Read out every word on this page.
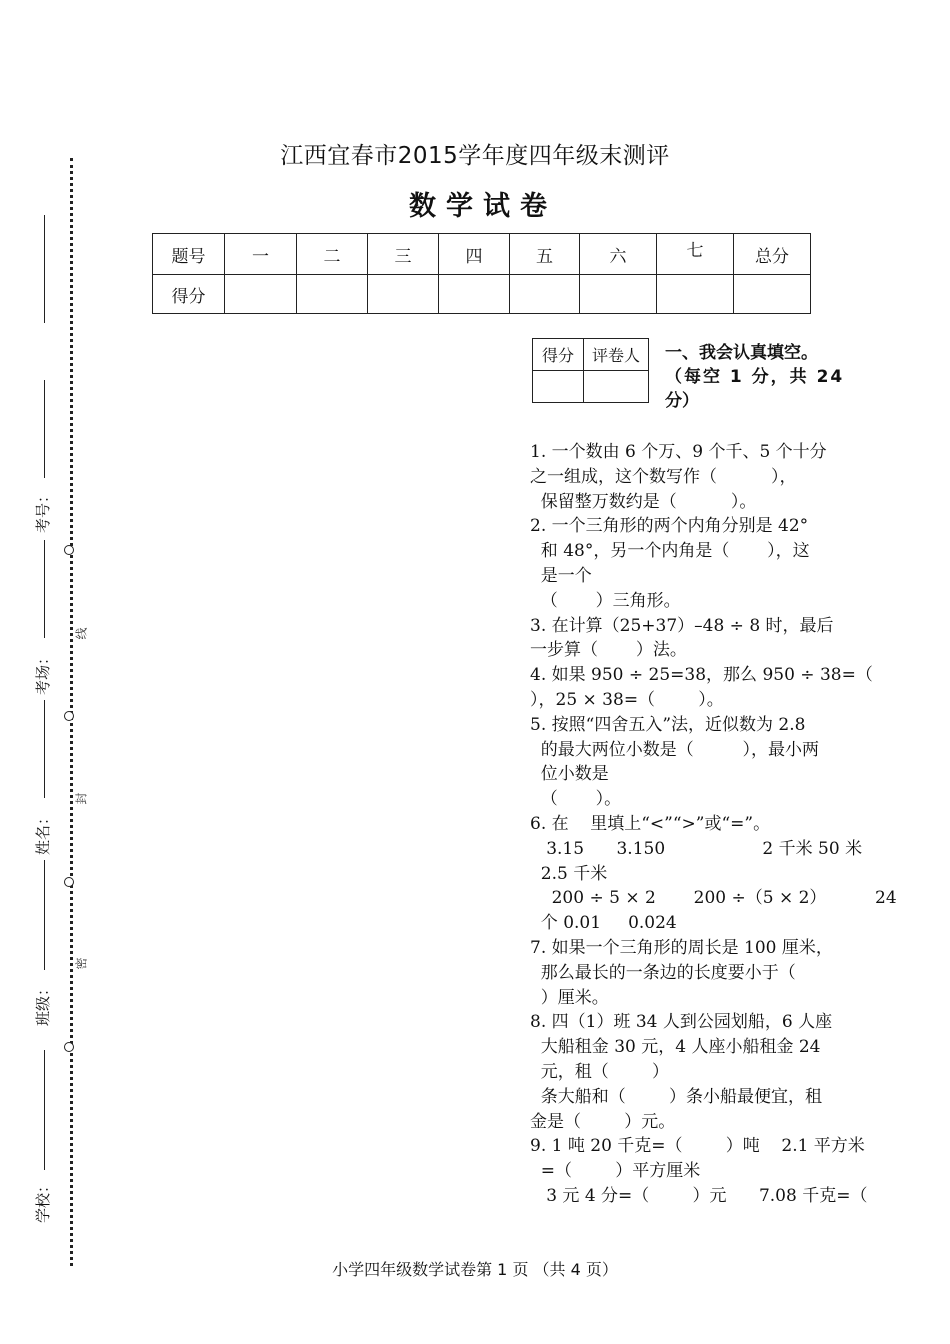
考号：
考场：
姓名：
班级：
学校：
线
封
密
江西宜春市2015学年度四年级末测评
数学试卷
题号	一	二	三	四	五	六	七	总分
得分								
得分	评卷人
	一、我会认真填空。
（每空 1 分，共 24
分）
1. 一个数由 6 个万、9 个千、5 个十分
之一组成，这个数写作（          ），
保留整万数约是（          ）。
2. 一个三角形的两个内角分别是 42°
和 48°，另一个内角是（       ），这
是一个
（       ）三角形。
3. 在计算（25+37）–48 ÷ 8 时，最后
一步算（       ）法。
4. 如果 950 ÷ 25=38，那么 950 ÷ 38=（
），25 × 38=（        ）。
5. 按照“四舍五入”法，近似数为 2.8
的最大两位小数是（         ），最小两
位小数是
（       ）。
6. 在    里填上“<”“>”或“=”。
3.15      3.150                  2 千米 50 米
2.5 千米
200 ÷ 5 × 2       200 ÷（5 × 2）         24
个 0.01     0.024
7. 如果一个三角形的周长是 100 厘米，
那么最长的一条边的长度要小于（
）厘米。
8. 四（1）班 34 人到公园划船，6 人座
大船租金 30 元，4 人座小船租金 24
元，租（        ）
条大船和（        ）条小船最便宜，租
金是（        ）元。
9. 1 吨 20 千克=（        ）吨    2.1 平方米
=（        ）平方厘米
3 元 4 分=（        ）元      7.08 千克=（
小学四年级数学试卷第 1 页 （共 4 页）
